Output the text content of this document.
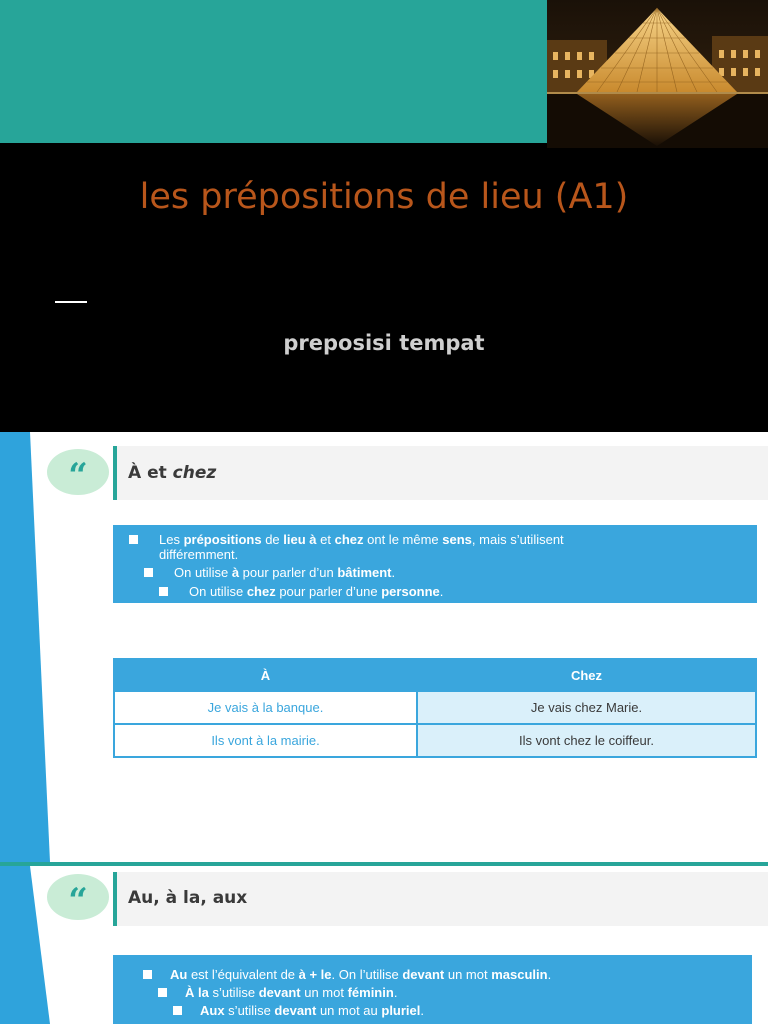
les prépositions de lieu (A1)
preposisi tempat
“	À et chez
Les prépositions de lieu à et chez ont le même sens, mais s’utilisent
différemment.
On utilise à pour parler d’un bâtiment.
On utilise chez pour parler d’une personne.
À	Chez
Je vais à la banque.	Je vais chez Marie.
Ils vont à la mairie.	Ils vont chez le coiffeur.
“	Au, à la, aux
Au est l’équivalent de à + le. On l’utilise devant un mot masculin.
À la s’utilise devant un mot féminin.
Aux s’utilise devant un mot au pluriel.
